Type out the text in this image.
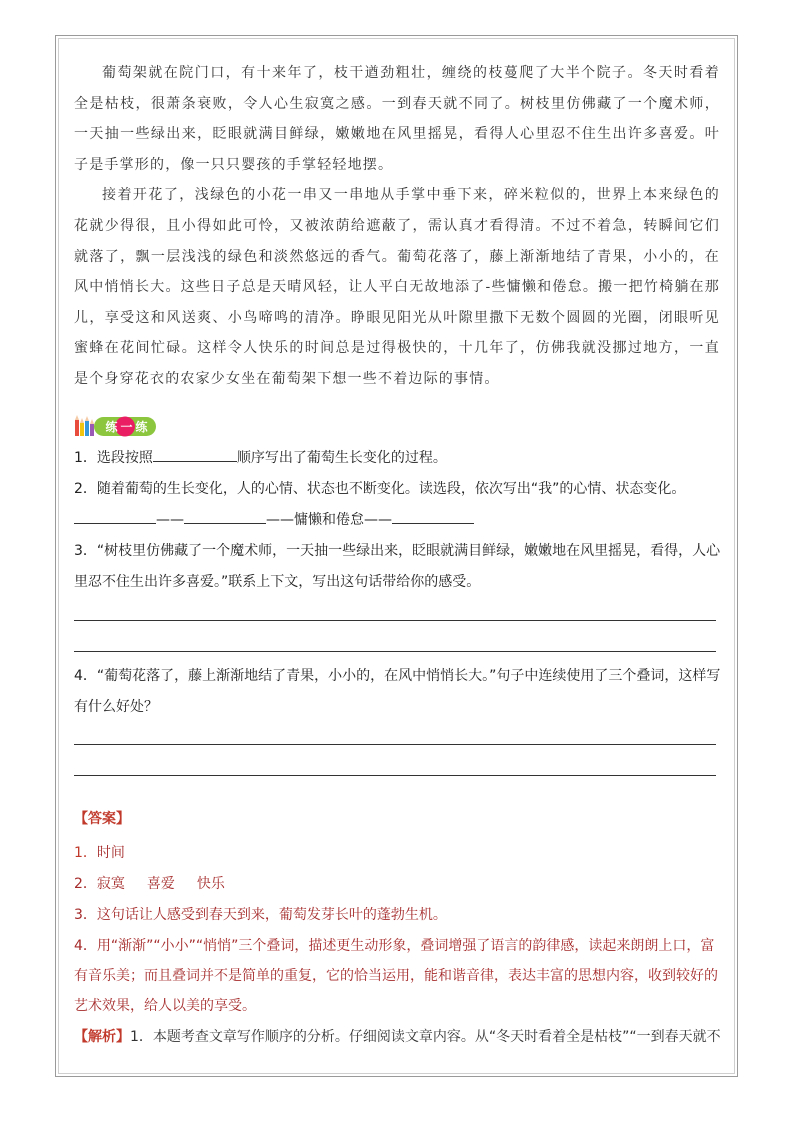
葡萄架就在院门口，有十来年了，枝干遒劲粗壮，缠绕的枝蔓爬了大半个院子。冬天时看着全是枯枝，很萧条衰败，令人心生寂寞之感。一到春天就不同了。树枝里仿佛藏了一个魔术师，一天抽一些绿出来，眨眼就满目鲜绿，嫩嫩地在风里摇晃，看得人心里忍不住生出许多喜爱。叶子是手掌形的，像一只只婴孩的手掌轻轻地摆。

接着开花了，浅绿色的小花一串又一串地从手掌中垂下来，碎米粒似的，世界上本来绿色的花就少得很，且小得如此可怜，又被浓荫给遮蔽了，需认真才看得清。不过不着急，转瞬间它们就落了，飘一层浅浅的绿色和淡然悠远的香气。葡萄花落了，藤上渐渐地结了青果，小小的，在风中悄悄长大。这些日子总是天晴风轻，让人平白无故地添了-些慵懒和倦怠。搬一把竹椅躺在那儿，享受这和风送爽、小鸟啼鸣的清净。睁眼见阳光从叶隙里撒下无数个圆圆的光圈，闭眼听见蜜蜂在花间忙碌。这样令人快乐的时间总是过得极快的，十几年了，仿佛我就没挪过地方，一直是个身穿花衣的农家少女坐在葡萄架下想一些不着边际的事情。

练一练
1．选段按照	顺序写出了葡萄生长变化的过程。
2．随着葡萄的生长变化，人的心情、状态也不断变化。读选段，依次写出“我”的心情、状态变化。
——	——慵懒和倦怠——
3．“树枝里仿佛藏了一个魔术师，一天抽一些绿出来，眨眼就满目鲜绿，嫩嫩地在风里摇晃，看得，人心里忍不住生出许多喜爱。”联系上下文，写出这句话带给你的感受。
4．“葡萄花落了，藤上渐渐地结了青果，小小的，在风中悄悄长大。”句子中连续使用了三个叠词，这样写有什么好处？
【答案】
1．时间
2．寂寞 喜爱 快乐
3．这句话让人感受到春天到来，葡萄发芽长叶的蓬勃生机。
4．用“渐渐”“小小”“悄悄”三个叠词，描述更生动形象，叠词增强了语言的韵律感，读起来朗朗上口，富有音乐美；而且叠词并不是简单的重复，它的恰当运用，能和谐音律，表达丰富的思想内容，收到较好的艺术效果，给人以美的享受。
【解析】1．本题考查文章写作顺序的分析。仔细阅读文章内容。从“冬天时看着全是枯枝”“一到春天就不
